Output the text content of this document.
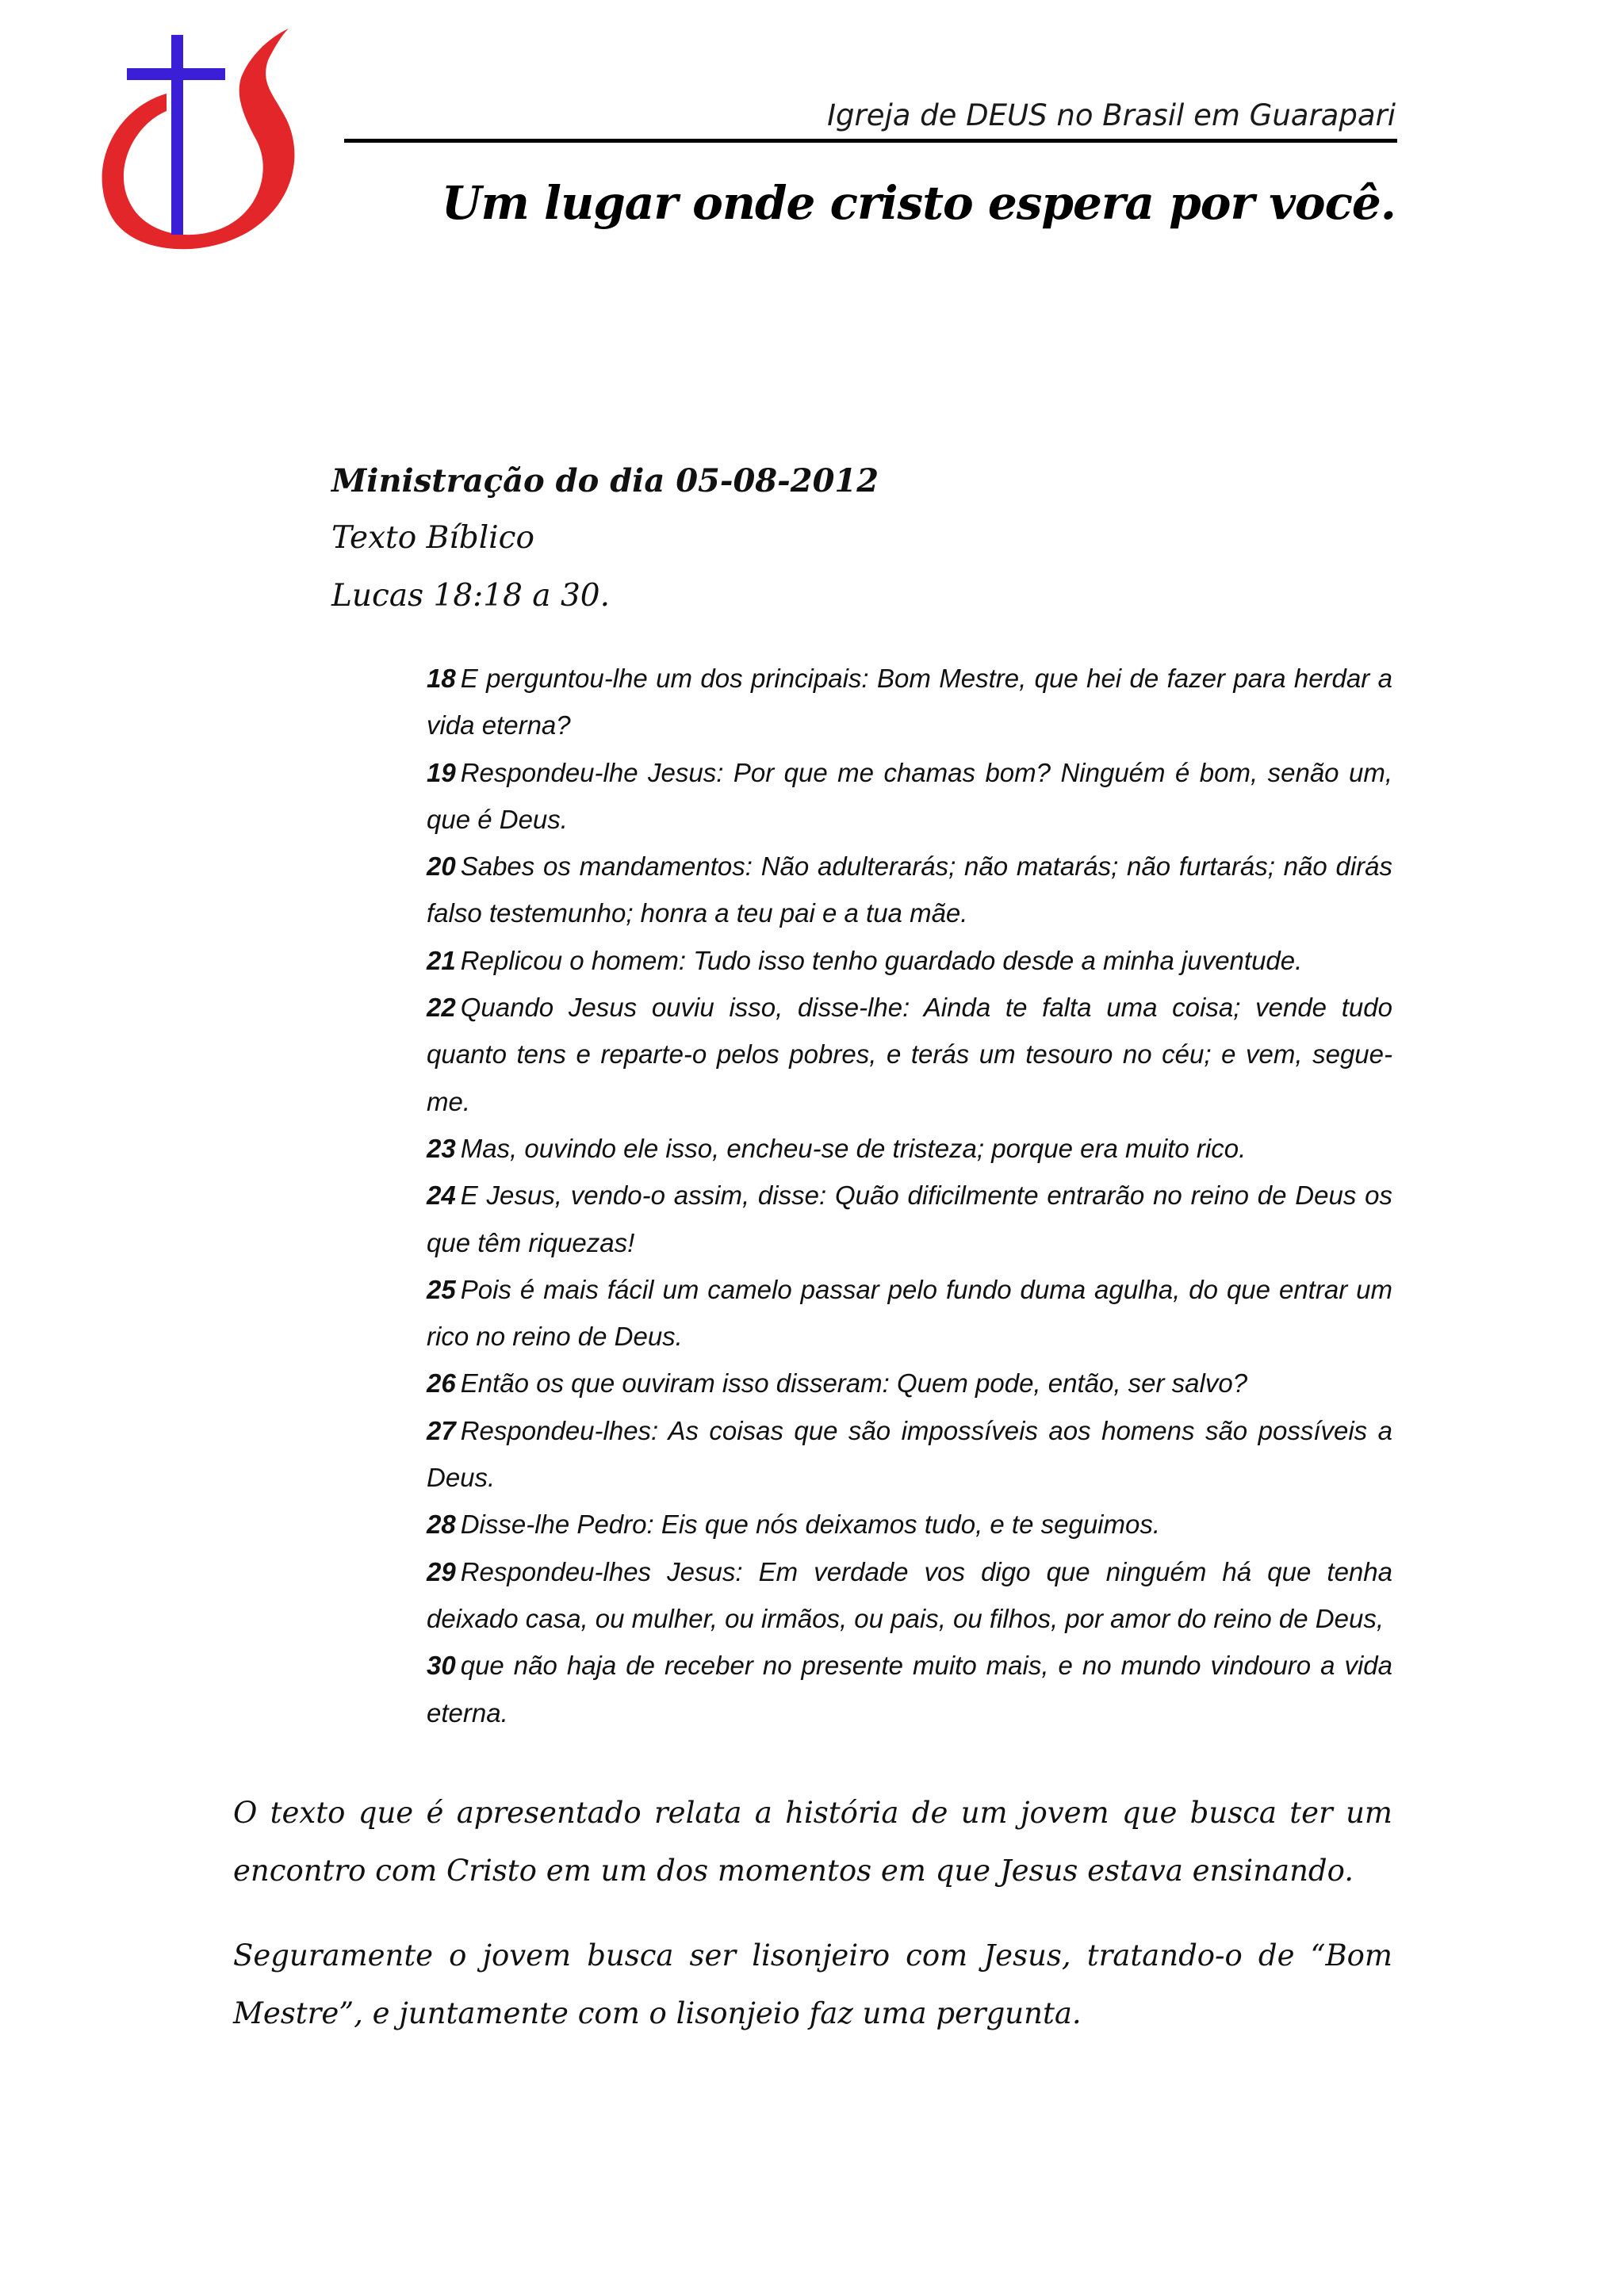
Igreja de DEUS no Brasil em Guarapari
Um lugar onde cristo espera por você.
Ministração do dia 05-08-2012
Texto Bíblico
Lucas 18:18 a 30.

18 E perguntou-lhe um dos principais: Bom Mestre, que hei de fazer para herdar a vida eterna?

19 Respondeu-lhe Jesus: Por que me chamas bom? Ninguém é bom, senão um, que é Deus.

20 Sabes os mandamentos: Não adulterarás; não matarás; não furtarás; não dirás falso testemunho; honra a teu pai e a tua mãe.

21 Replicou o homem: Tudo isso tenho guardado desde a minha juventude.

22 Quando Jesus ouviu isso, disse-lhe: Ainda te falta uma coisa; vende tudo quanto tens e reparte-o pelos pobres, e terás um tesouro no céu; e vem, segue-me.

23 Mas, ouvindo ele isso, encheu-se de tristeza; porque era muito rico.

24 E Jesus, vendo-o assim, disse: Quão dificilmente entrarão no reino de Deus os que têm riquezas!

25 Pois é mais fácil um camelo passar pelo fundo duma agulha, do que entrar um rico no reino de Deus.

26 Então os que ouviram isso disseram: Quem pode, então, ser salvo?

27 Respondeu-lhes: As coisas que são impossíveis aos homens são possíveis a Deus.

28 Disse-lhe Pedro: Eis que nós deixamos tudo, e te seguimos.

29 Respondeu-lhes Jesus: Em verdade vos digo que ninguém há que tenha deixado casa, ou mulher, ou irmãos, ou pais, ou filhos, por amor do reino de Deus,

30 que não haja de receber no presente muito mais, e no mundo vindouro a vida eterna.

O texto que é apresentado relata a história de um jovem que busca ter um encontro com Cristo em um dos momentos em que Jesus estava ensinando.

Seguramente o jovem busca ser lisonjeiro com Jesus, tratando-o de “Bom Mestre”, e juntamente com o lisonjeio faz uma pergunta.
